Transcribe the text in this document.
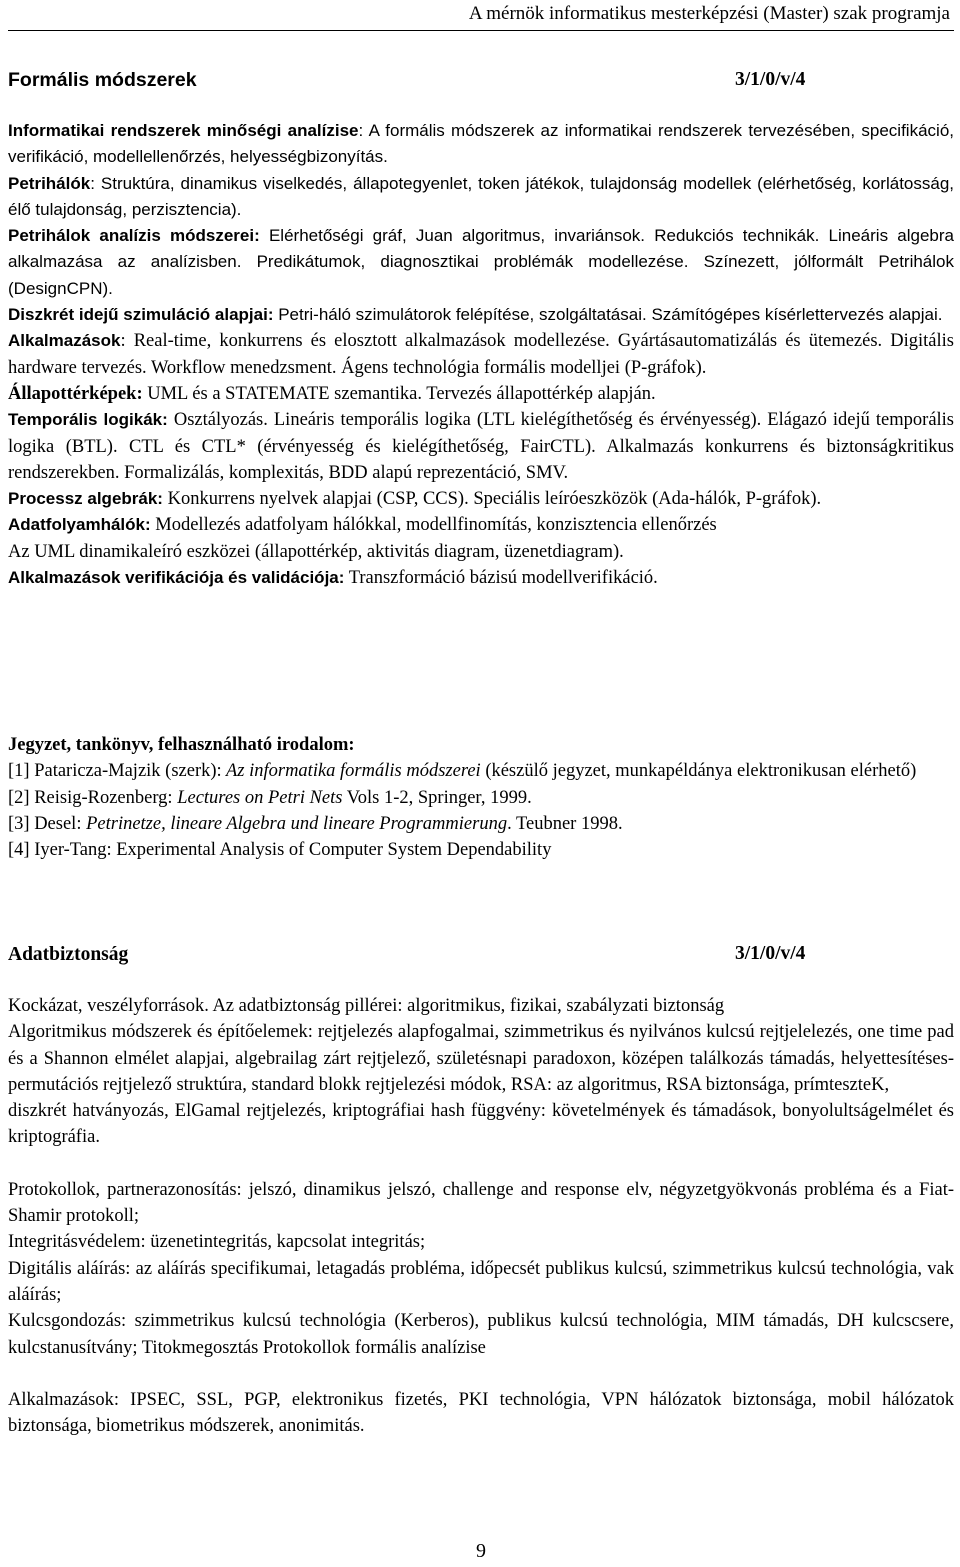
A mérnök informatikus mesterképzési (Master) szak programja
Formális módszerek	3/1/0/v/4

Informatikai rendszerek minőségi analízise: A formális módszerek az informatikai rendszerek tervezésében, specifikáció, verifikáció, modellellenőrzés, helyességbizonyítás.

Petrihálók: Struktúra, dinamikus viselkedés, állapotegyenlet, token játékok, tulajdonság modellek (elérhetőség, korlátosság, élő tulajdonság, perzisztencia).

Petrihálok analízis módszerei: Elérhetőségi gráf, Juan algoritmus, invariánsok. Redukciós technikák. Lineáris algebra alkalmazása az analízisben. Predikátumok, diagnosztikai problémák modellezése. Színezett, jólformált Petrihálok (DesignCPN).

Diszkrét idejű szimuláció alapjai: Petri-háló szimulátorok felépítése, szolgáltatásai. Számítógépes kísérlettervezés alapjai.

Alkalmazások: Real-time, konkurrens és elosztott alkalmazások modellezése. Gyártásautomatizálás és ütemezés. Digitális hardware tervezés. Workflow menedzsment. Ágens technológia formális modelljei (P-gráfok).

Állapottérképek: UML és a STATEMATE szemantika. Tervezés állapottérkép alapján.

Temporális logikák: Osztályozás. Lineáris temporális logika (LTL kielégíthetőség és érvényesség). Elágazó idejű temporális logika (BTL). CTL és CTL* (érvényesség és kielégíthetőség, FairCTL). Alkalmazás konkurrens és biztonságkritikus rendszerekben. Formalizálás, komplexitás, BDD alapú reprezentáció, SMV.

Processz algebrák: Konkurrens nyelvek alapjai (CSP, CCS). Speciális leíróeszközök (Ada-hálók, P-gráfok).

Adatfolyamhálók: Modellezés adatfolyam hálókkal, modellfinomítás, konzisztencia ellenőrzés

Az UML dinamikaleíró eszközei (állapottérkép, aktivitás diagram, üzenetdiagram).

Alkalmazások verifikációja és validációja: Transzformáció bázisú modellverifikáció.

Jegyzet, tankönyv, felhasználható irodalom:

[1] Pataricza-Majzik (szerk): Az informatika formális módszerei (készülő jegyzet, munkapéldánya elektronikusan elérhető)

[2] Reisig-Rozenberg: Lectures on Petri Nets Vols 1-2, Springer, 1999.

[3] Desel: Petrinetze, lineare Algebra und lineare Programmierung. Teubner 1998.

[4] Iyer-Tang: Experimental Analysis of Computer System Dependability

Adatbiztonság	3/1/0/v/4

Kockázat, veszélyforrások. Az adatbiztonság pillérei: algoritmikus, fizikai, szabályzati biztonság

Algoritmikus módszerek és építőelemek: rejtjelezés alapfogalmai, szimmetrikus és nyilvános kulcsú rejtjelelezés, one time pad és a Shannon elmélet alapjai, algebrailag zárt rejtjelező, születésnapi paradoxon, középen találkozás támadás, helyettesítéses-permutációs rejtjelező struktúra, standard blokk rejtjelezési módok, RSA: az algoritmus, RSA biztonsága, prímteszteK,

diszkrét hatványozás, ElGamal rejtjelezés, kriptográfiai hash függvény: követelmények és támadások, bonyolultságelmélet és kriptográfia.

Protokollok, partnerazonosítás: jelszó, dinamikus jelszó, challenge and response elv, négyzetgyökvonás probléma és a Fiat-Shamir protokoll;

Integritásvédelem: üzenetintegritás, kapcsolat integritás;

Digitális aláírás: az aláírás specifikumai, letagadás probléma, időpecsét publikus kulcsú, szimmetrikus kulcsú technológia, vak aláírás;

Kulcsgondozás: szimmetrikus kulcsú technológia (Kerberos), publikus kulcsú technológia, MIM támadás, DH kulcscsere, kulcstanusítvány; Titokmegosztás Protokollok formális analízise

Alkalmazások: IPSEC, SSL, PGP, elektronikus fizetés, PKI technológia, VPN hálózatok biztonsága, mobil hálózatok biztonsága, biometrikus módszerek, anonimitás.

9
